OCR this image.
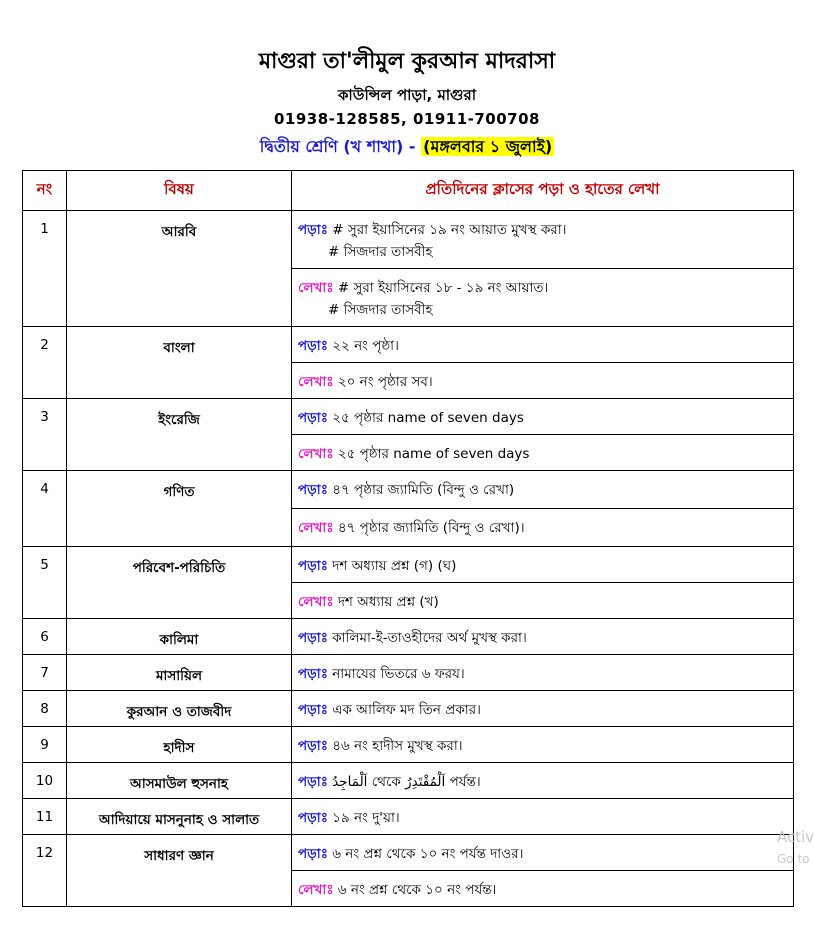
মাগুরা তা'লীমুল কুরআন মাদরাসা
কাউন্সিল পাড়া, মাগুরা
01938-128585, 01911-700708
দ্বিতীয় শ্রেণি (খ শাখা) - (মঙ্গলবার ১ জুলাই)
নং	বিষয়	প্রতিদিনের ক্লাসের পড়া ও হাতের লেখা
1	আরবি	পড়াঃ # সুরা ইয়াসিনের ১৯ নং আয়াত মুখস্থ করা।
# সিজদার তাসবীহ

		লেখাঃ # সুরা ইয়াসিনের ১৮ - ১৯ নং আয়াত।
# সিজদার তাসবীহ

2	বাংলা	পড়াঃ ২২ নং পৃষ্ঠা।
		লেখাঃ ২০ নং পৃষ্ঠার সব।
3	ইংরেজি	পড়াঃ ২৫ পৃষ্ঠার name of seven days
		লেখাঃ ২৫ পৃষ্ঠার name of seven days
4	গণিত	পড়াঃ ৪৭ পৃষ্ঠার জ্যামিতি (বিন্দু ও রেখা)
		লেখাঃ ৪৭ পৃষ্ঠার জ্যামিতি (বিন্দু ও রেখা)।
5	পরিবেশ-পরিচিতি	পড়াঃ দশ অধ্যায় প্রশ্ন (গ) (ঘ)
		লেখাঃ দশ অধ্যায় প্রশ্ন (খ)
6	কালিমা	পড়াঃ কালিমা-ই-তাওহীদের অর্থ মুখস্থ করা।
7	মাসায়িল	পড়াঃ নামাযের ভিতরে ৬ ফরয।
8	কুরআন ও তাজবীদ	পড়াঃ এক আলিফ মদ তিন প্রকার।
9	হাদীস	পড়াঃ ৪৬ নং হাদীস মুখস্থ করা।
10	আসমাউল হুসনাহ	পড়াঃ اَلْمَاجِدُ থেকে اَلْمُقْتَدِرُ পর্যন্ত।
11	আদিয়ায়ে মাসনুনাহ ও সালাত	পড়াঃ ১৯ নং দু'য়া।
12	সাধারণ জ্ঞান	পড়াঃ ৬ নং প্রশ্ন থেকে ১০ নং পর্যন্ত দাওর।
		লেখাঃ ৬ নং প্রশ্ন থেকে ১০ নং পর্যন্ত।
Activ
Go to
